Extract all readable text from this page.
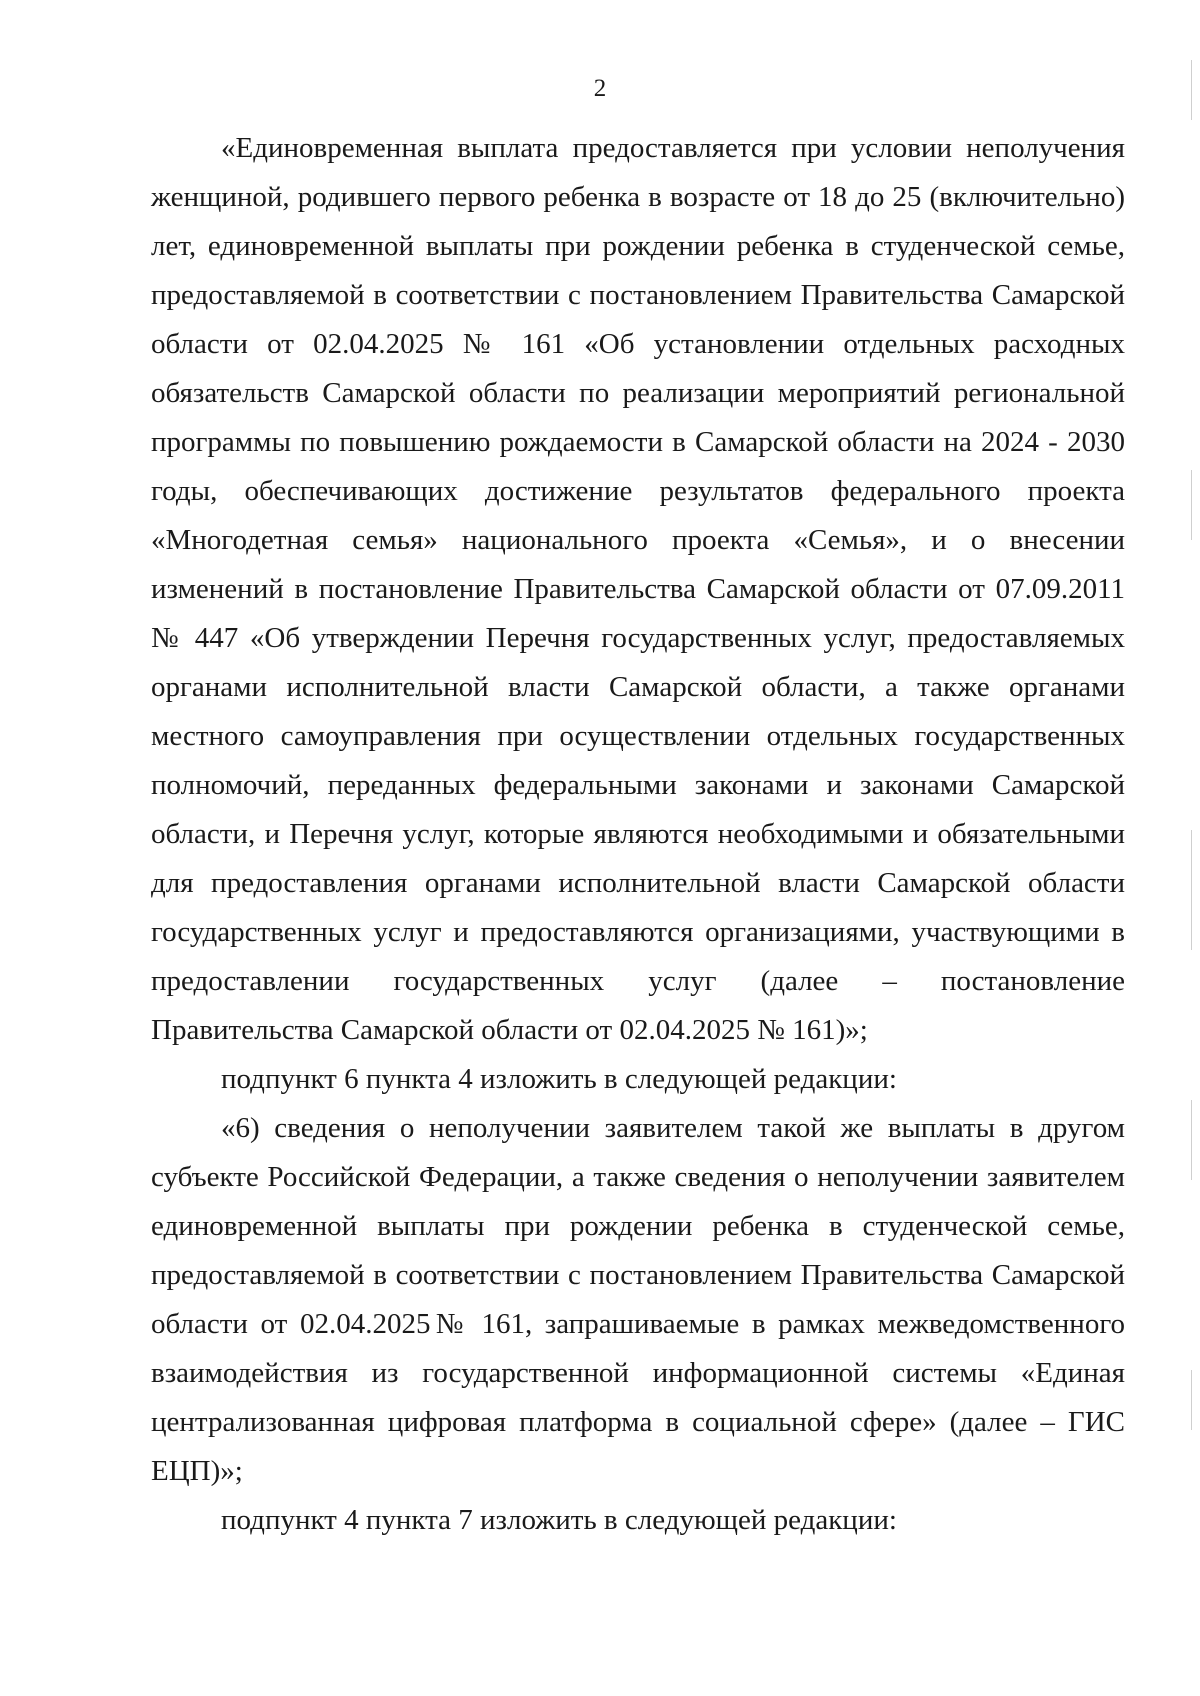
2

«Единовременная выплата предоставляется при условии неполучения женщиной, родившего первого ребенка в возрасте от 18 до 25 (включительно) лет, единовременной выплаты при рождении ребенка в студенческой семье, предоставляемой в соответствии с постановлением Правительства Самарской области от 02.04.2025 № 161 «Об установлении отдельных расходных обязательств Самарской области по реализации мероприятий региональной программы по повышению рождаемости в Самарской области на 2024 - 2030 годы, обеспечивающих достижение результатов федерального проекта «Многодетная семья» национального проекта «Семья», и о внесении изменений в постановление Правительства Самарской области от 07.09.2011 № 447 «Об утверждении Перечня государственных услуг, предоставляемых органами исполнительной власти Самарской области, а также органами местного самоуправления при осуществлении отдельных государственных полномочий, переданных федеральными законами и законами Самарской области, и Перечня услуг, которые являются необходимыми и обязательными для предоставления органами исполнительной власти Самарской области государственных услуг и предоставляются организациями, участвующими в предоставлении государственных услуг (далее – постановление Правительства Самарской области от 02.04.2025 № 161)»;

подпункт 6 пункта 4 изложить в следующей редакции:

«6) сведения о неполучении заявителем такой же выплаты в другом субъекте Российской Федерации, а также сведения о неполучении заявителем единовременной выплаты при рождении ребенка в студенческой семье, предоставляемой в соответствии с постановлением Правительства Самарской области от 02.04.2025№ 161, запрашиваемые в рамках межведомственного взаимодействия из государственной информационной системы «Единая централизованная цифровая платформа в социальной сфере» (далее – ГИС ЕЦП)»;

подпункт 4 пункта 7 изложить в следующей редакции:
